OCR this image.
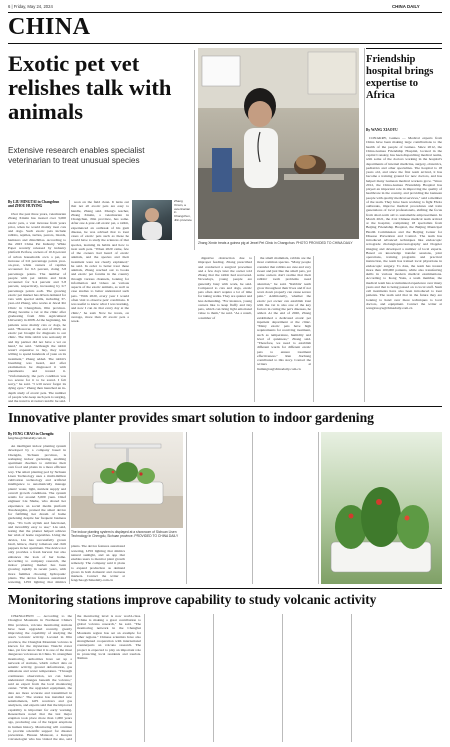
6 | Friday, May 24, 2024	CHINA DAILY
CHINA
Exotic pet vet relishes talk with animals
Extensive research enables specialist veterinarian to treat unusual species
By LIU MINGTAI in Changchun
and ZHOU HUIYING

Over the past three years, veterinarian Zhang Xinxin has treated over 3,000 exotic pets, a vast increase from years prior, when he would mainly treat cats and dogs. Such exotic pets include rabbits, reptiles, turtles, parrots, lizards, hamsters and chinchillas. According to the 2023 China Pet Industry White Paper recently released by industry platform Petfore, owners of 10.6 percent of urban households own a pet, an increase of 0.6 percentage points year-on-year, while owners of reptiles accounted for 9.3 percent, rising 3.8 percentage points. The number of people with pet rabbits and birds accounted for 9.4 percent and 5.8 percent, respectively, increasing by 0.7 percentage points each. The growing exotic pet market has driven demand for vets with special skills, including 37-year-old Zhang, who works at Jewel Pet Clinic in Changchun, Jilin province. Zhang became a vet at the clinic after graduating from Jilin Agricultural University in 2008. At the beginning, his patients were mainly cats or dogs, he said. "However, at the end of 2020, an exotic pet brought for diagnosis to our clinic. The little rabbit was seriously ill and my partner did not have a vet on hand," he said. "Although the rabbit wasn't expensive to buy, they were willing to spend hundreds of yuan on its treatment," Zhang added. The rabbit's breathing was heard, and after examination he diagnosed it with pneumonia and treated it. "Unfortunately, the pet's condition was too severe for it to be saved. I felt sorry," he said. "I will never forget its dying eyes." Zhang then launched an in-depth study of exotic pets. The number of people who keep such pets is surging, and the trend is growing rapidly, he said.

soon on the field clean. It turns out that not all exotic pets are easy to handle, Zhang said. Zhang's teacher, Zhang Xinxin, a veterinarian in Changchun, Jilin province, has some. After one 4-year-old exotic pet, a rabbit, experienced an outbreak of his gum disease, he was advised that to treat cases of exotic pets such as these he would have to study the sciences of that species, learning its habits and how to treat such pets. "When 2020 came, few of the owners had heard of exotic animals, and the species and their treatment were not clearly explained," he said. In order to better treat these animals, Zhang reached out to books and exotic pet forums in the country through various channels, looking for information and videos on various aspects of the exotic animals, as well as case studies to better understand such pets. "With 2020, every year I would often visit to observe pets' conditions. It was useful to know what I was learning, and now I can do that every day at the clinic," he said. Now he treats, on average, more than 20 exotic pets a week.

Zhang Xinxin, a veterinarian in Changchun, Jilin province
Zhang Xinxin treats a guinea pig at Jewel Pet Clinic in Changchun. PHOTO PROVIDED TO CHINA DAILY

digestive obstruction due to improper feeding. Zhang prescribed and conducted a surgical procedure and a few days later the owner told Zhang that the rabbit had recovered. Nowadays, young people are generally busy with work, he said. Compared to cats and dogs, exotic pets often don't require a lot of time for taking walks. They are quieter and less demanding. "For instance, young owners like to keep fluffy and tiny pets, which can bring light emotional value to them," he said. "As a result, a number of

the small mammals, rabbits are the most common species. "Many people consider that rabbits are cute and very sweet and just like the small pets, yet some owners don't realize that their rabbits' tooth problems need attention," he said. "Rabbits' teeth grow throughout their lives and if not worn down properly can cause severe pain." Additionally, whether the exotic pet owner can establish trust with the vet is also one of the key factors in curing the pet's diseases, he added. At the end of 2020, Zhang established a dedicated exotic pet inpatient department at the clinic. "Many exotic pets have high requirements for receiving treatment, such as temperature, humidity and level of quietness," Zhang said. "Therefore, we need to establish different wards for different exotic pets to ensure treatment effectiveness." Ren Jiachang contributed to this story. Contact the writers at liumingtai@chinadaily.com.cn

Friendship hospital brings expertise to Africa
By WANG XIAOYU

CONAKRY, Guinea — Medical experts from China have been making large contributions to the health of the people of Guinea. Since 2012, the China-Guinea Friendship Hospital, located in the capital Conakry, has been dispatching medical teams, with some of the doctors working in the hospital's departments of internal medicine, surgery, obstetrics, pediatrics and other specialties. The hospital is 18 years old, and since the first team arrived, it has become a training ground for new doctors, and has helped many Guinean medical workers grow. "Since 2012, the China-Guinea Friendship Hospital has played an important role in improving the quality of healthcare in the country, and providing the Guinean people with quality medical services," said a member of the team. They have been working to fight Ebola outbreaks, improve medical procedures and train generations of local professionals, shifting the focus from short-term aid to sustainable empowerment. In March 2021, the 21st Chinese medical team arrived at the hospital, comprising 18 specialists from Beijing Friendship Hospital, the Beijing Municipal Health Commission and the Beijing Center for Disease Prevention and Control. The team has introduced advanced techniques like endoscopic retrograde cholangiopancreatography and Doppler imaging and developed a number of local experts. Based on knowledge transfer sessions, joint operations, training programs and practical instruction, the team has trained local physicians in endoscopic surgery. To date, the team has treated more than 100,000 patients, while also transferring skills in various modern medical examinations. According to Kong Yaxu, a team member, the medical team has accumulated experience over many years and that is being passed on to local staff. Stem cell treatments have also been introduced to treat patients. The team said that in the future they are looking to hand over more techniques to local doctors, and equipment. Contact the writer at wangxiaoyu@chinadaily.com.cn

Innovative planter provides smart solution to indoor gardening
By FENG CHAO in Chengdu
fengchao@chinadaily.com.cn

An intelligent indoor planting system developed by a company based in Chengdu, Sichuan province, is reshaping indoor gardening, enabling apartment dwellers to cultivate their own food and plants in a more efficient way. The smart planting pod by Sichuan Lisen Technology uses a multi-million cultivation technology and artificial intelligence to automatically manage plants' water, light, nutrient supply and overall growth conditions. The system retails for around 3,000 yuan. Chief engineer Liu Shuhe, who shared her experience on social media platform Xiaohongshu, praised the smart device for fulfilling her dream of home gardening despite her frequent business trips. "It's both stylish and functional, and incredibly easy to use," Liu said, noting that the planter helped achieve her wish of home vegetables. Using the device, Liu has successfully grown basil, lettuce, cherry tomatoes and chili peppers in her apartment. The device not only provides a fresh harvest but also enhances the look of her home. According to company research, the indoor planting market has been growing rapidly in recent years, with more families choosing hydroponic plants. The device features automated watering, LED lighting that mimics

The indoor planting system is displayed at a showroom of Sichuan Lisen Technology in Chengdu, Sichuan province. PROVIDED TO CHINA DAILY

plants. The device features automated watering, LED lighting that mimics natural sunlight, and an app that enables users to monitor plant growth remotely. The company said it plans to expand production as demand grows in both domestic and overseas markets. Contact the writer at fengchao@chinadaily.com.cn

Monitoring stations improve capability to study volcanic activity

CHANGCHUN — According to the Changbai Mountain in Northeast China's Jilin province, volcano monitoring stations have been upgraded recently, greatly improving the capability of studying the area's volcanic activity. Located in Jilin province, the Changbai Mountain volcano is known for the mysterious Tianchi crater lake, yet few know that it is one of the most dangerous volcanoes in China. To strengthen monitoring, authorities have set up a network of stations, which collect data on seismic activity, ground deformation, gas emissions and water temperature. "Through continuous observation, we can better understand changes beneath the volcano," said an expert from the local monitoring center. "With the upgraded equipment, the data are more accurate and transmitted in real time." The station has installed new seismometers, GPS receivers and gas analyzers, and experts said that the improved capability is important for early warning. Researchers noted that the last major eruption took place more than 1,000 years ago, producing one of the largest eruptions in human history. Monitoring will continue to provide scientific support for disaster prevention. Hassan Mansour, a Kenyan volcanologist who has visited the site, said

the monitoring level is now world-class. "China is making a great contribution to global volcano research," he said. "The monitoring network in the Changbai Mountain region has set an example for other regions." Chinese scientists have also strengthened cooperation with international counterparts on volcano research. The project is expected to play an important role in protecting local residents and tourists. Xinhua
